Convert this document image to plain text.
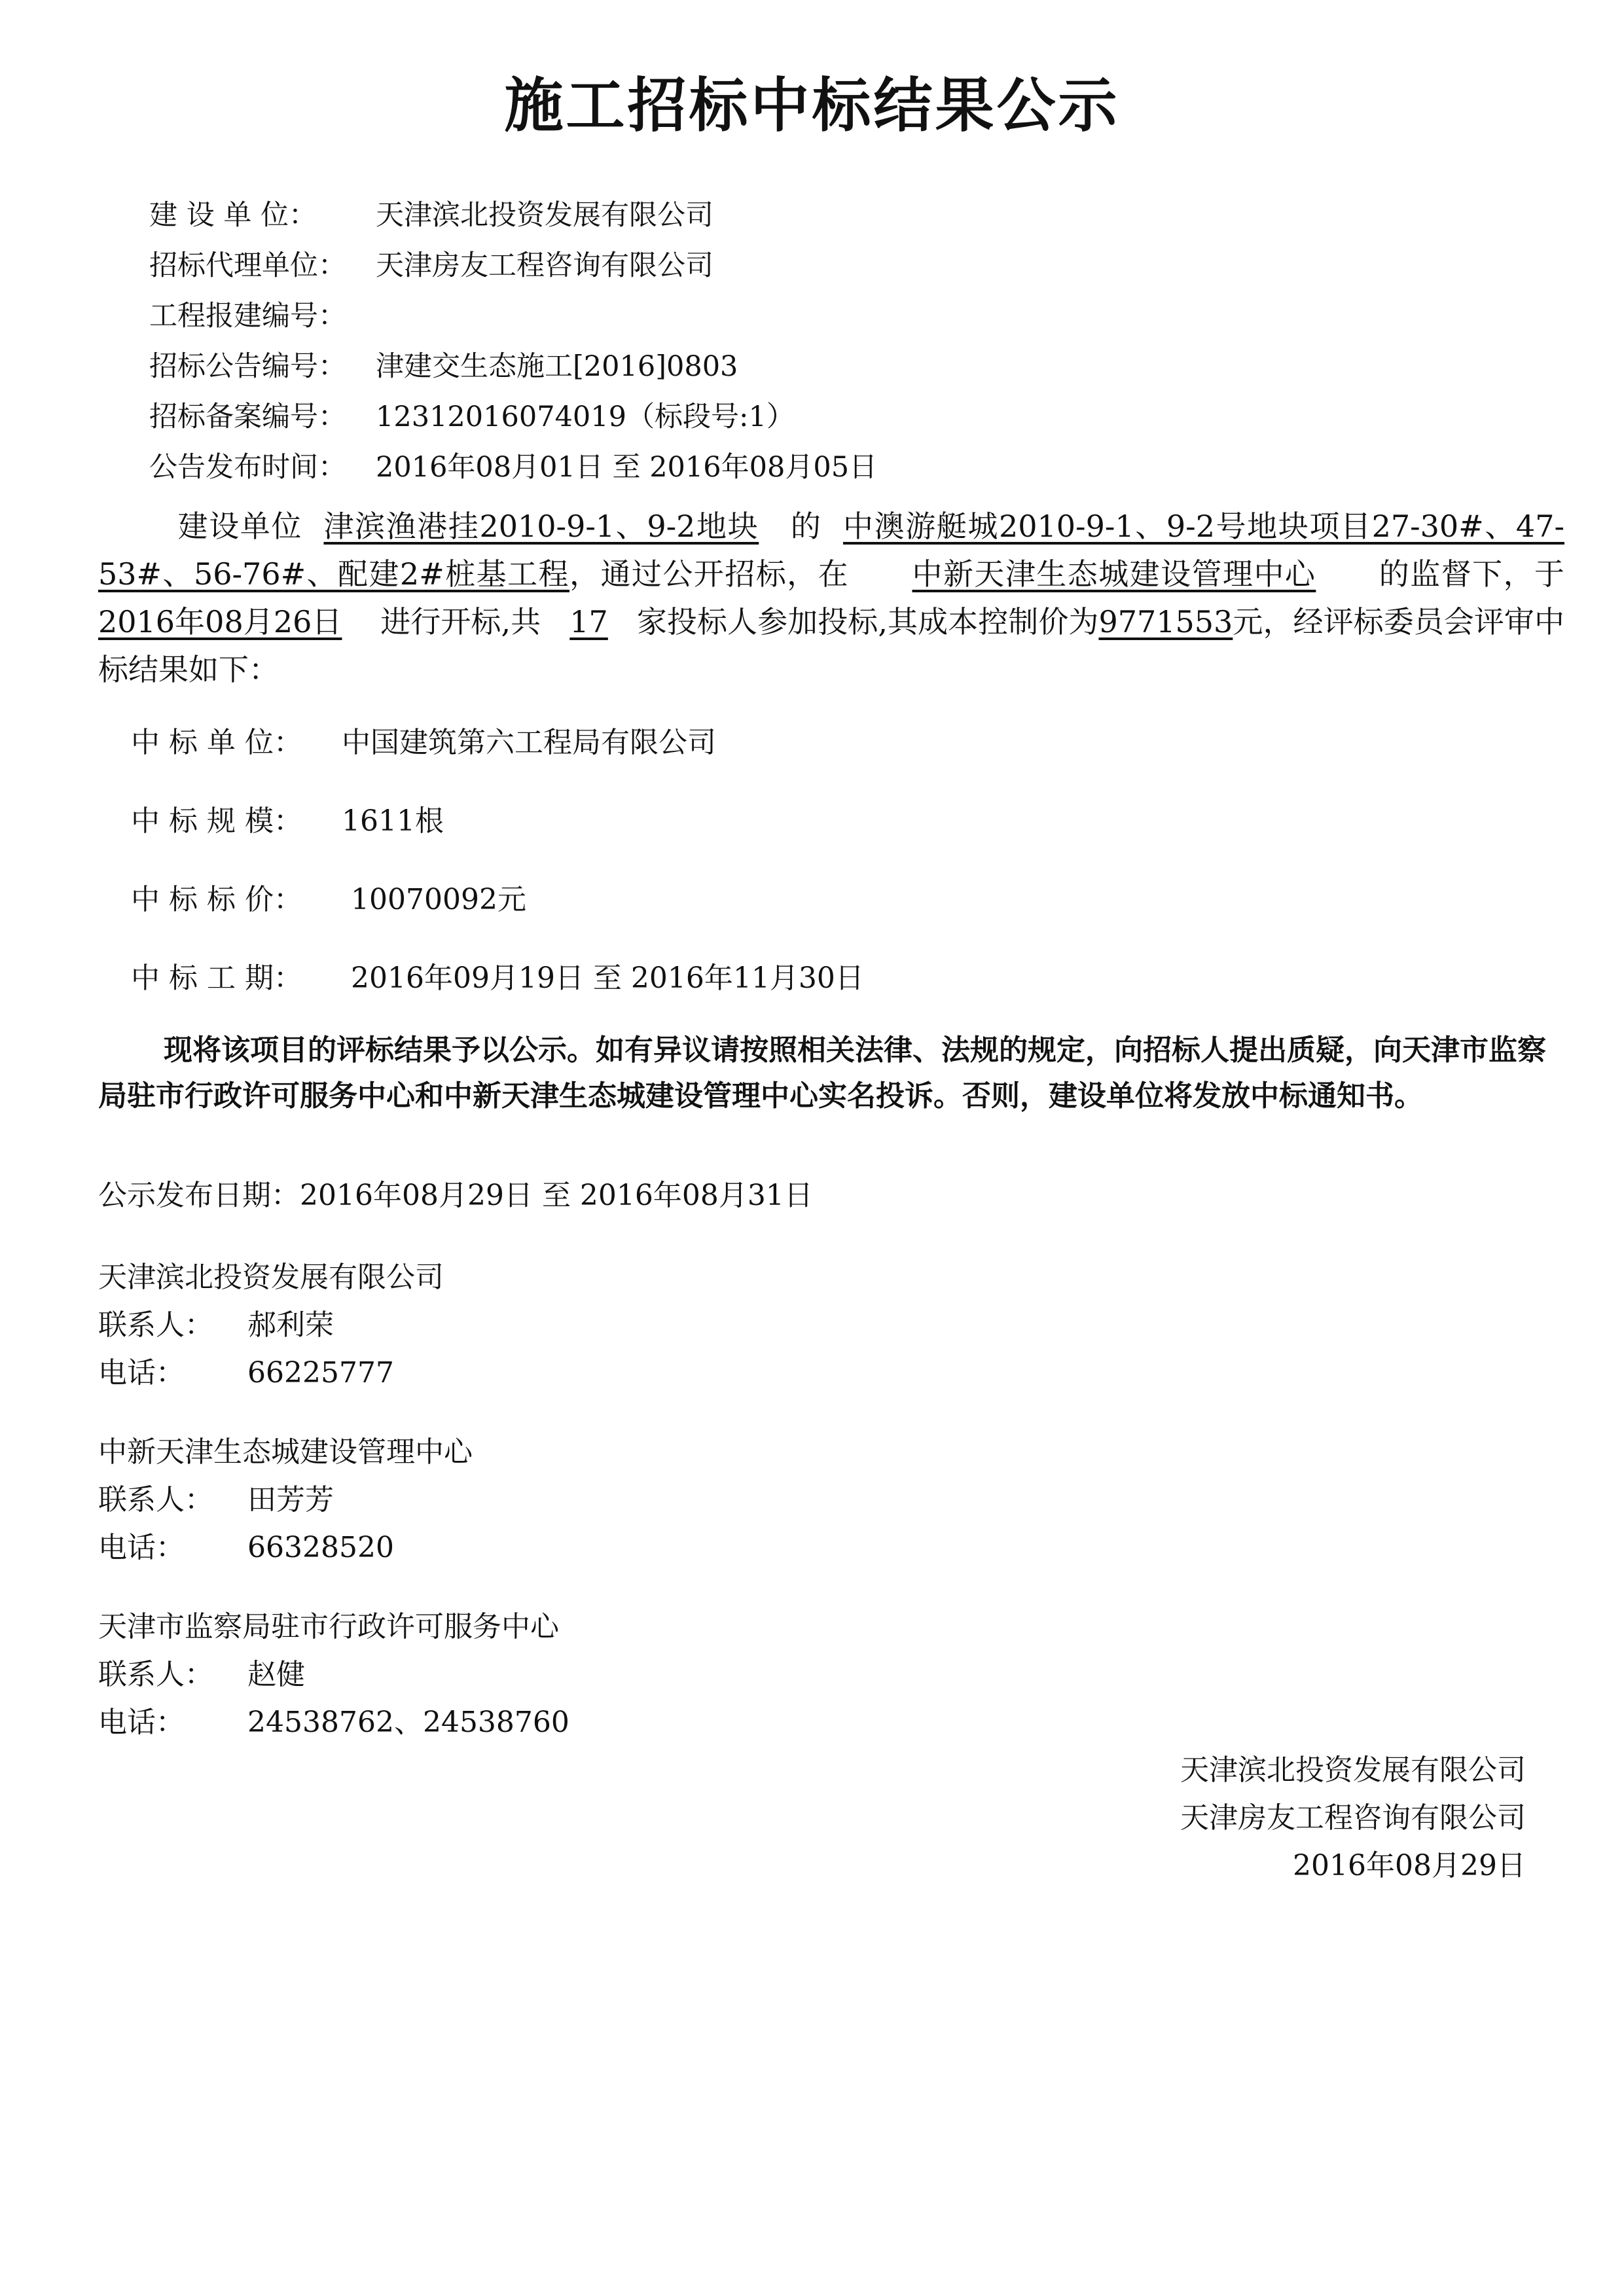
施工招标中标结果公示
建 设 单 位： 天津滨北投资发展有限公司
招标代理单位： 天津房友工程咨询有限公司
工程报建编号：
招标公告编号： 津建交生态施工[2016]0803
招标备案编号： 12312016074019（标段号:1）
公告发布时间： 2016年08月01日 至 2016年08月05日
建设单位 津滨渔港挂2010-9-1、9-2地块 的 中澳游艇城2010-9-1、9-2号地块项目27-30#、47-53#、56-76#、配建2#桩基工程，通过公开招标，在 中新天津生态城建设管理中心 的监督下，于2016年08月26日 进行开标,共 17 家投标人参加投标,其成本控制价为9771553元，经评标委员会评审中标结果如下：
中 标 单 位： 中国建筑第六工程局有限公司
中 标 规 模： 1611根
中 标 标 价： 10070092元
中 标 工 期： 2016年09月19日 至 2016年11月30日
现将该项目的评标结果予以公示。如有异议请按照相关法律、法规的规定，向招标人提出质疑，向天津市监察局驻市行政许可服务中心和中新天津生态城建设管理中心实名投诉。否则，建设单位将发放中标通知书。
公示发布日期：2016年08月29日 至 2016年08月31日
天津滨北投资发展有限公司
联系人： 郝利荣
电话： 66225777
中新天津生态城建设管理中心
联系人： 田芳芳
电话： 66328520
天津市监察局驻市行政许可服务中心
联系人： 赵健
电话： 24538762、24538760
天津滨北投资发展有限公司
天津房友工程咨询有限公司
2016年08月29日
